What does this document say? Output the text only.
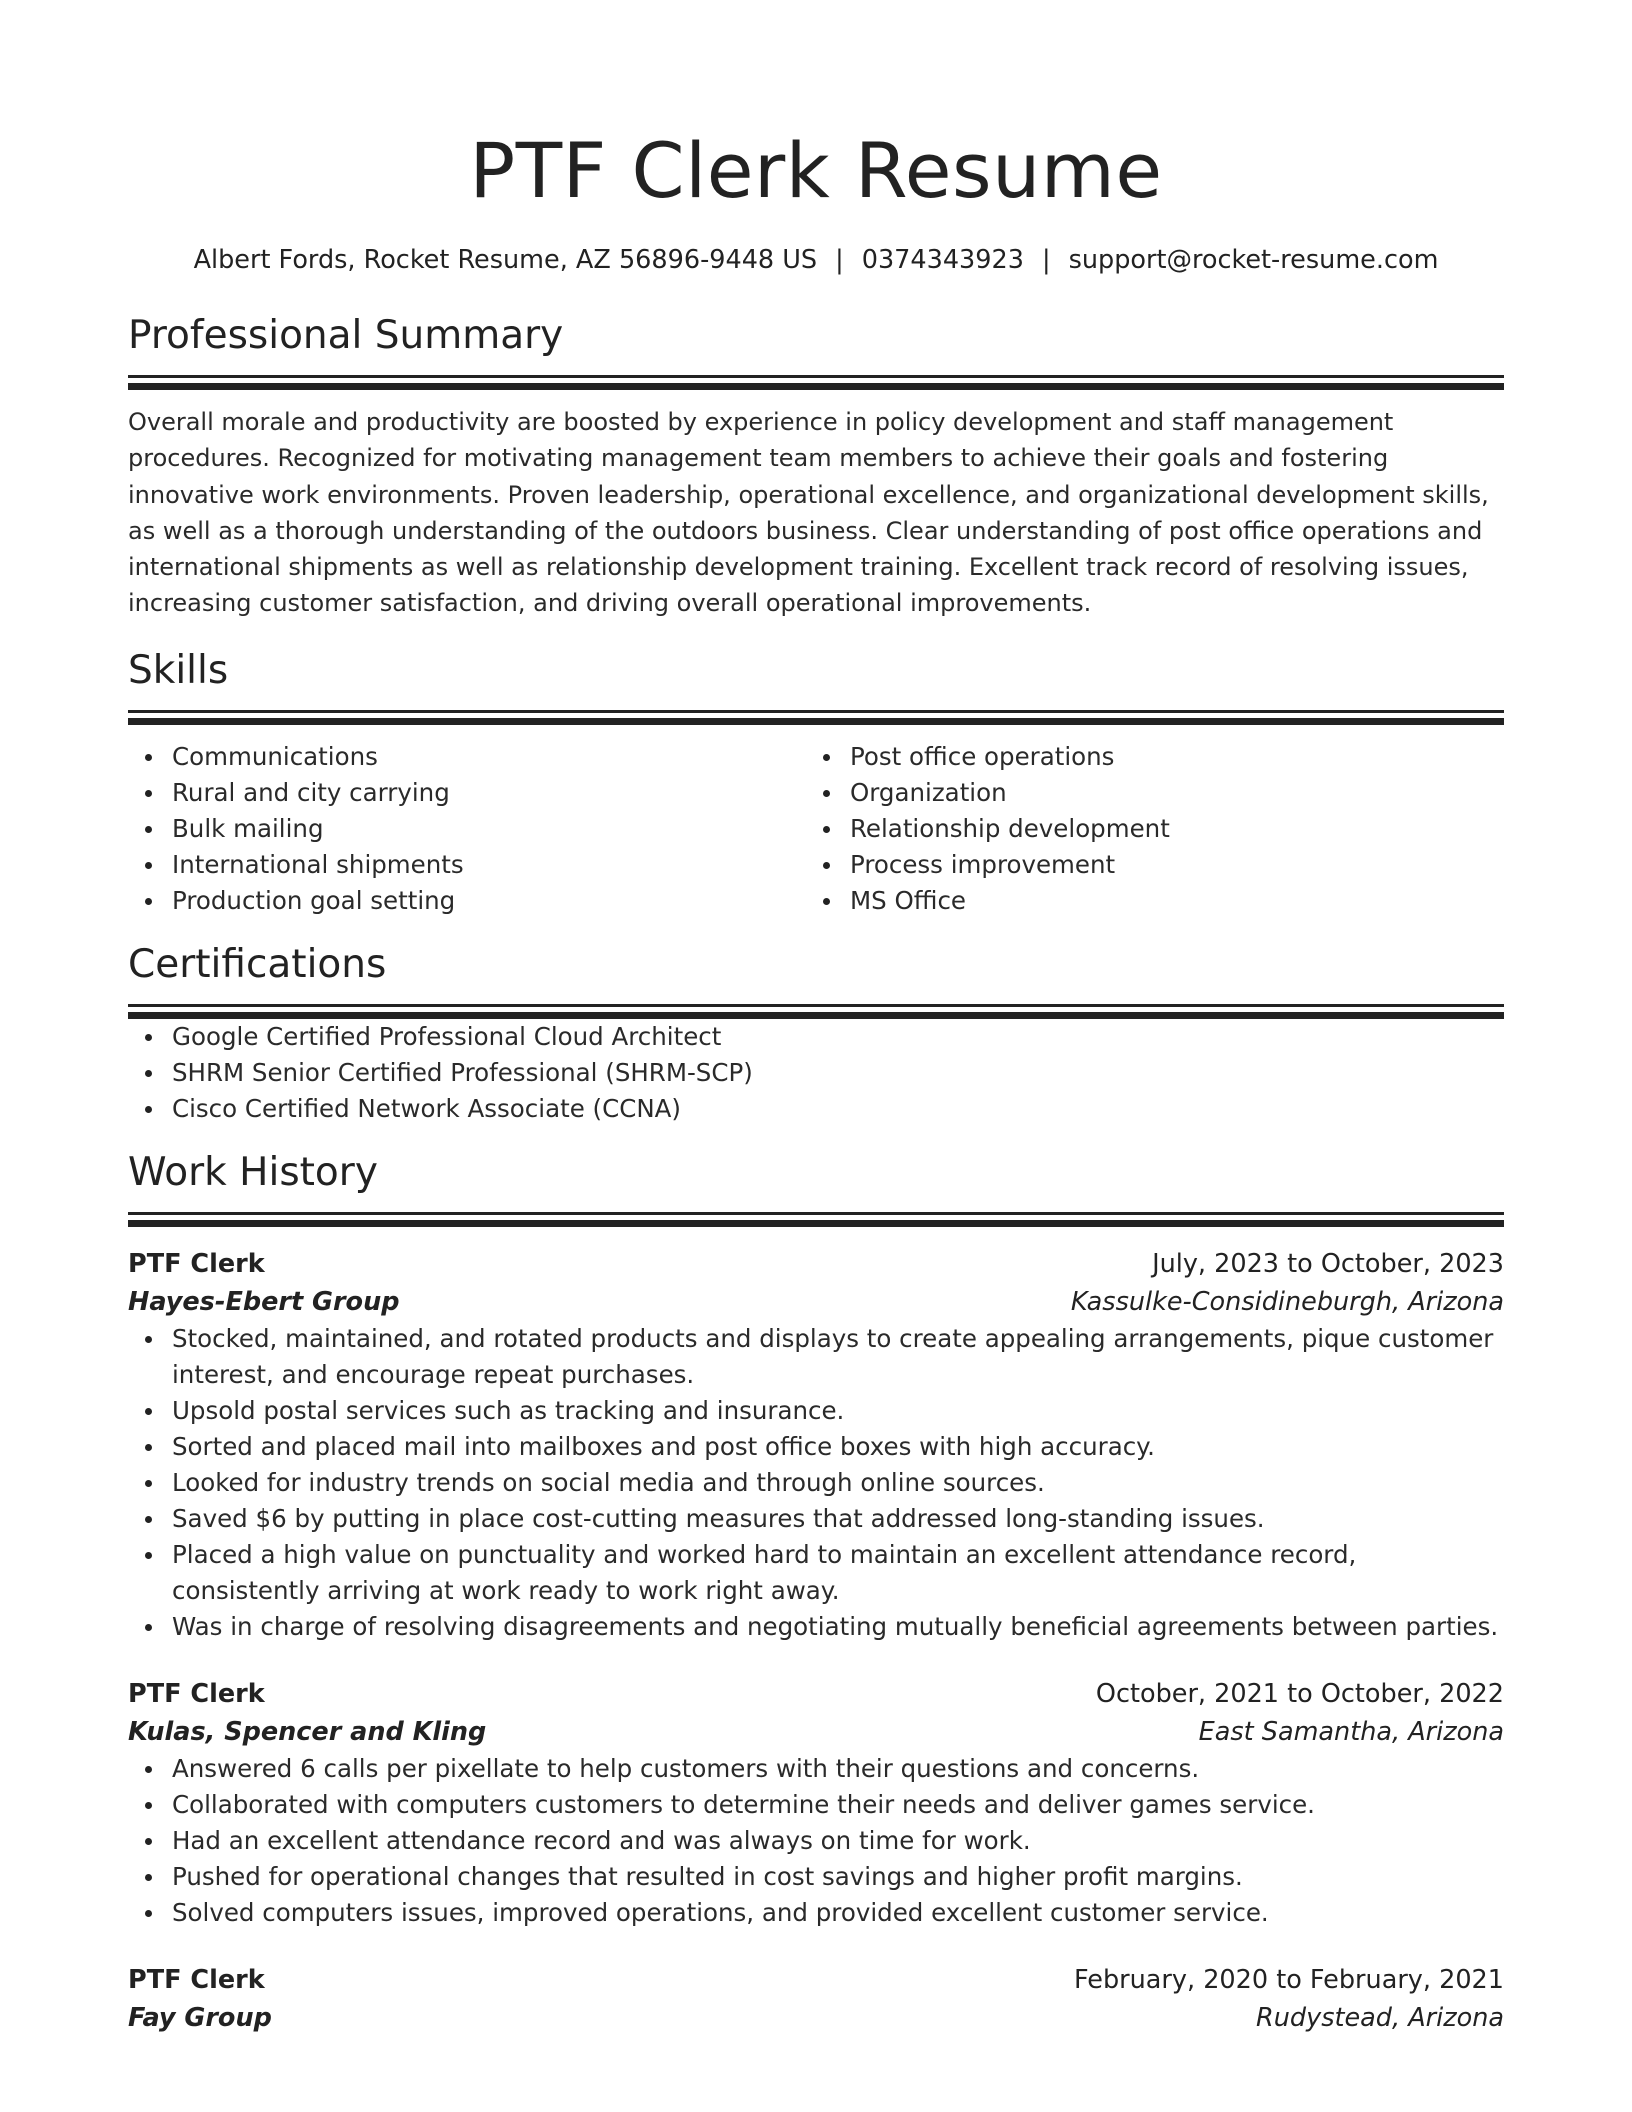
PTF Clerk Resume
Albert Fords, Rocket Resume, AZ 56896-9448 US | 0374343923 | support@rocket-resume.com
Professional Summary

Overall morale and productivity are boosted by experience in policy development and staff management procedures. Recognized for motivating management team members to achieve their goals and fostering innovative work environments. Proven leadership, operational excellence, and organizational development skills, as well as a thorough understanding of the outdoors business. Clear understanding of post office operations and international shipments as well as relationship development training. Excellent track record of resolving issues, increasing customer satisfaction, and driving overall operational improvements.

Skills
Communications
Rural and city carrying
Bulk mailing
International shipments
Production goal setting
Post office operations
Organization
Relationship development
Process improvement
MS Office
Certifications
Google Certified Professional Cloud Architect
SHRM Senior Certified Professional (SHRM-SCP)
Cisco Certified Network Associate (CCNA)
Work History
PTF Clerk	July, 2023 to October, 2023
Hayes-Ebert Group	Kassulke-Considineburgh, Arizona
Stocked, maintained, and rotated products and displays to create appealing arrangements, pique customer interest, and encourage repeat purchases.
Upsold postal services such as tracking and insurance.
Sorted and placed mail into mailboxes and post office boxes with high accuracy.
Looked for industry trends on social media and through online sources.
Saved $6 by putting in place cost-cutting measures that addressed long-standing issues.
Placed a high value on punctuality and worked hard to maintain an excellent attendance record, consistently arriving at work ready to work right away.
Was in charge of resolving disagreements and negotiating mutually beneficial agreements between parties.
PTF Clerk	October, 2021 to October, 2022
Kulas, Spencer and Kling	East Samantha, Arizona
Answered 6 calls per pixellate to help customers with their questions and concerns.
Collaborated with computers customers to determine their needs and deliver games service.
Had an excellent attendance record and was always on time for work.
Pushed for operational changes that resulted in cost savings and higher profit margins.
Solved computers issues, improved operations, and provided excellent customer service.
PTF Clerk	February, 2020 to February, 2021
Fay Group	Rudystead, Arizona
